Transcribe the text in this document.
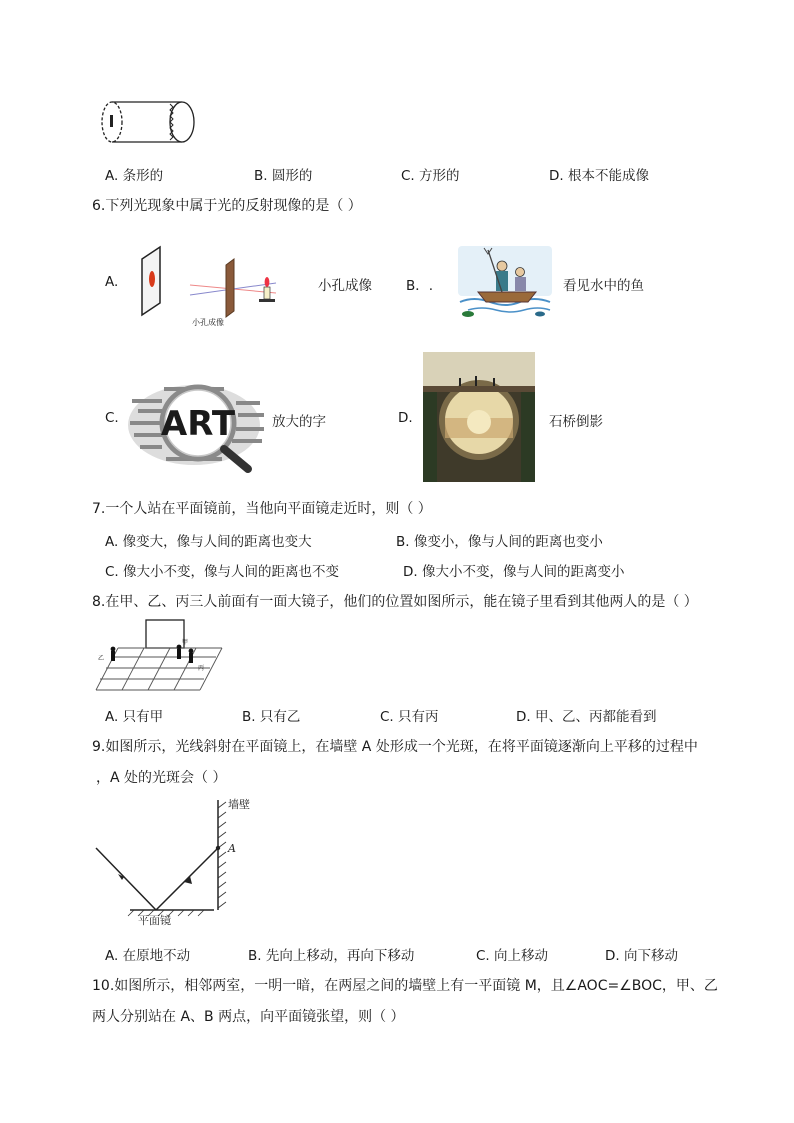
A. 条形的	B. 圆形的	C. 方形的	D. 根本不能成像
6.下列光现象中属于光的反射现像的是（ ）
A.
小孔成像
小孔成像	B．.	看见水中的鱼
C. ART	放大的字	D.	石桥倒影
7.一个人站在平面镜前，当他向平面镜走近时，则（ ）
A. 像变大，像与人间的距离也变大	B. 像变小，像与人间的距离也变小
C. 像大小不变，像与人间的距离也不变	D. 像大小不变，像与人间的距离变小
8.在甲、乙、丙三人前面有一面大镜子，他们的位置如图所示，能在镜子里看到其他两人的是（ ）
乙
甲
丙
A. 只有甲	B. 只有乙	C. 只有丙	D. 甲、乙、丙都能看到
9.如图所示，光线斜射在平面镜上，在墙壁 A 处形成一个光斑，在将平面镜逐渐向上平移的过程中
，A 处的光斑会（ ）
墙壁
A
平面镜
A. 在原地不动	B. 先向上移动，再向下移动	C. 向上移动	D. 向下移动
10.如图所示，相邻两室，一明一暗，在两屋之间的墙壁上有一平面镜 M，且∠AOC=∠BOC，甲、乙
两人分别站在 A、B 两点，向平面镜张望，则（ ）
